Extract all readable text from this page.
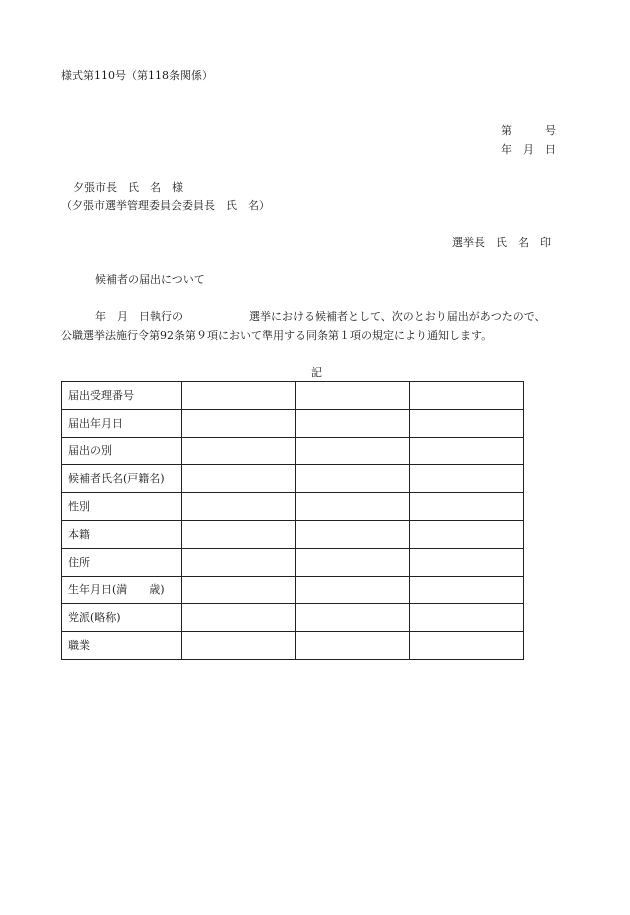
様式第110号（第118条関係）
第　　　号
年　月　日
夕張市長　氏　名　様
（夕張市選挙管理委員会委員長　氏　名）
選挙長　氏　名　印
候補者の届出について
年　月　日執行の　　　　　　選挙における候補者として、次のとおり届出があつたので、
公職選挙法施行令第92条第９項において準用する同条第１項の規定により通知します。
記
届出受理番号			
届出年月日			
届出の別			
候補者氏名(戸籍名)			
性別			
本籍			
住所			
生年月日(満　　歳)			
党派(略称)			
職業			
